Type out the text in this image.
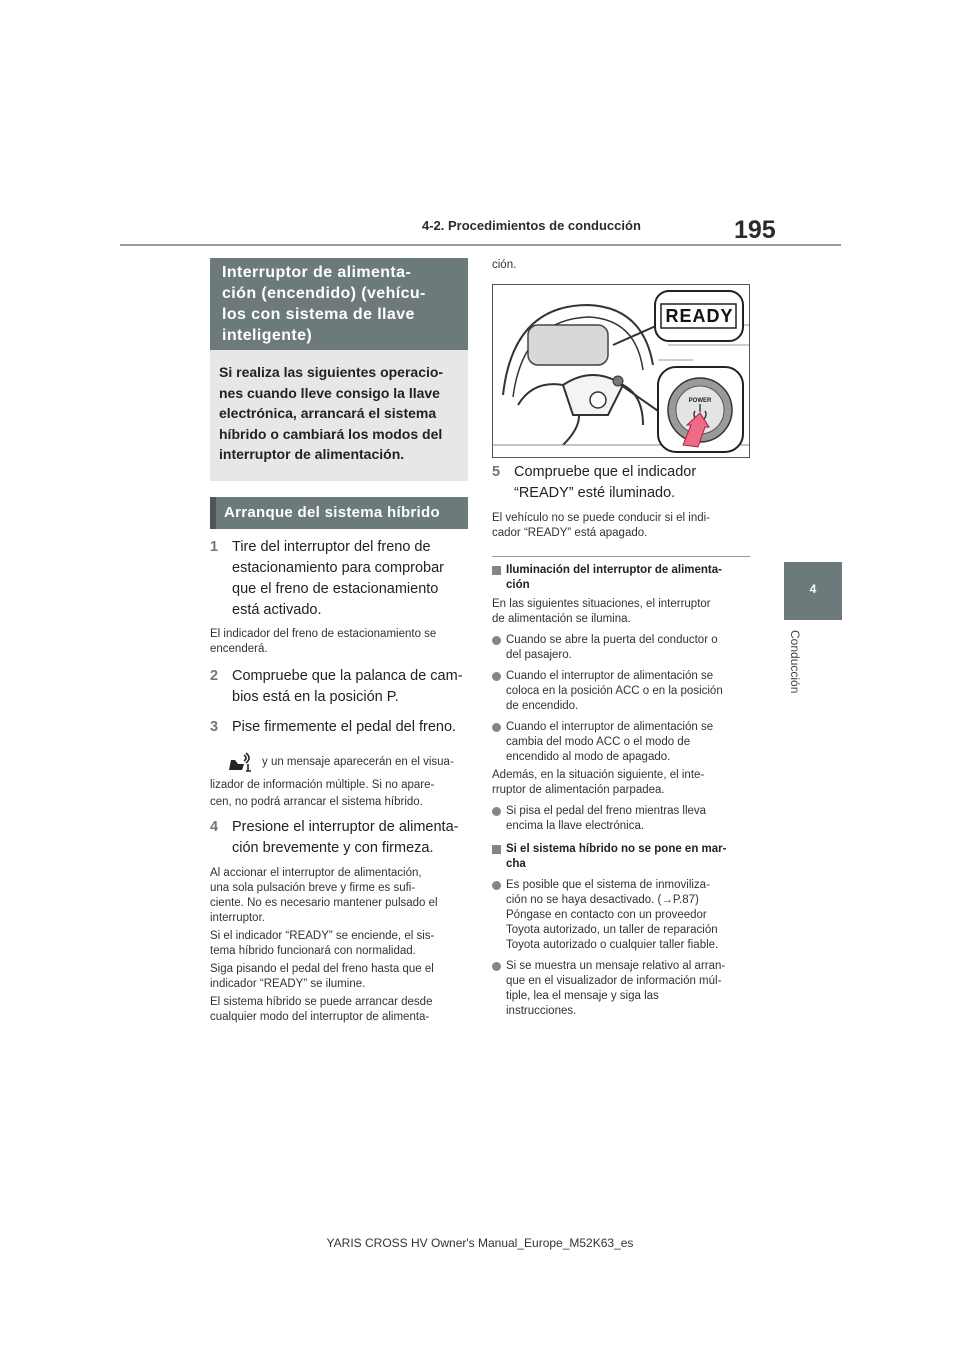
4-2. Procedimientos de conducción	195
4
Conducción
Interruptor de alimenta-
ción (encendido) (vehícu-
los con sistema de llave
inteligente)
Si realiza las siguientes operacio-
nes cuando lleve consigo la llave
electrónica, arrancará el sistema
híbrido o cambiará los modos del
interruptor de alimentación.
Arranque del sistema híbrido
1 Tire del interruptor del freno de
estacionamiento para comprobar
que el freno de estacionamiento
está activado.
El indicador del freno de estacionamiento se
encenderá.
2 Compruebe que la palanca de cam-
bios está en la posición P.
3 Pise firmemente el pedal del freno.
y un mensaje aparecerán en el visua-
lizador de información múltiple. Si no apare-
cen, no podrá arrancar el sistema híbrido.
4 Presione el interruptor de alimenta-
ción brevemente y con firmeza.
Al accionar el interruptor de alimentación,
una sola pulsación breve y firme es sufi-
ciente. No es necesario mantener pulsado el
interruptor.
Si el indicador “READY” se enciende, el sis-
tema híbrido funcionará con normalidad.
Siga pisando el pedal del freno hasta que el
indicador “READY” se ilumine.
El sistema híbrido se puede arrancar desde
cualquier modo del interruptor de alimenta-
ción.
READY
POWER
5 Compruebe que el indicador
“READY” esté iluminado.
El vehículo no se puede conducir si el indi-
cador “READY” está apagado.
Iluminación del interruptor de alimenta-
ción
En las siguientes situaciones, el interruptor
de alimentación se ilumina.
Cuando se abre la puerta del conductor o
del pasajero.
Cuando el interruptor de alimentación se
coloca en la posición ACC o en la posición
de encendido.
Cuando el interruptor de alimentación se
cambia del modo ACC o el modo de
encendido al modo de apagado.
Además, en la situación siguiente, el inte-
rruptor de alimentación parpadea.
Si pisa el pedal del freno mientras lleva
encima la llave electrónica.
Si el sistema híbrido no se pone en mar-
cha
Es posible que el sistema de inmoviliza-
ción no se haya desactivado. (→P.87)
Póngase en contacto con un proveedor
Toyota autorizado, un taller de reparación
Toyota autorizado o cualquier taller fiable.
Si se muestra un mensaje relativo al arran-
que en el visualizador de información múl-
tiple, lea el mensaje y siga las
instrucciones.
YARIS CROSS HV Owner's Manual_Europe_M52K63_es
